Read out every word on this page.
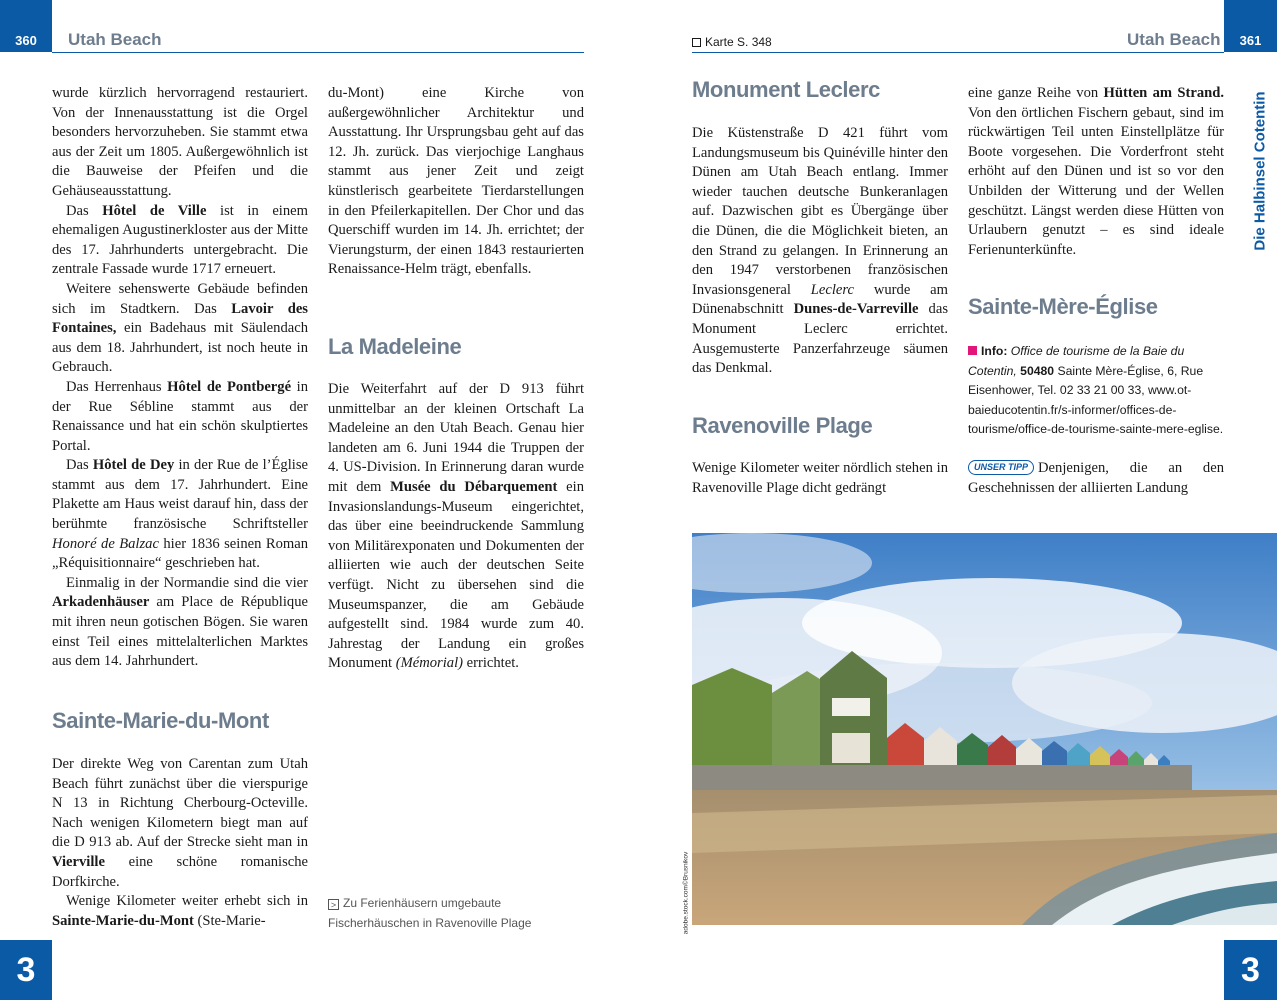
360	Utah Beach

wurde kürzlich hervorragend restauriert. Von der Innenausstattung ist die Orgel besonders hervorzuheben. Sie stammt etwa aus der Zeit um 1805. Außergewöhnlich ist die Bauweise der Pfeifen und die Gehäuseausstattung.

Das Hôtel de Ville ist in einem ehemaligen Augustinerkloster aus der Mitte des 17. Jahrhunderts untergebracht. Die zentrale Fassade wurde 1717 erneuert.

Weitere sehenswerte Gebäude befinden sich im Stadtkern. Das Lavoir des Fontaines, ein Badehaus mit Säulendach aus dem 18. Jahrhundert, ist noch heute in Gebrauch.

Das Herrenhaus Hôtel de Pontbergé in der Rue Sébline stammt aus der Renaissance und hat ein schön skulptiertes Portal.

Das Hôtel de Dey in der Rue de l’Église stammt aus dem 17. Jahrhundert. Eine Plakette am Haus weist darauf hin, dass der berühmte französische Schriftsteller Honoré de Balzac hier 1836 seinen Roman „Réquisitionnaire“ geschrieben hat.

Einmalig in der Normandie sind die vier Arkadenhäuser am Place de République mit ihren neun gotischen Bögen. Sie waren einst Teil eines mittelalterlichen Marktes aus dem 14. Jahrhundert.

Sainte-Marie-du-Mont

Der direkte Weg von Carentan zum Utah Beach führt zunächst über die vierspurige N 13 in Richtung Cherbourg-Octeville. Nach wenigen Kilometern biegt man auf die D 913 ab. Auf der Strecke sieht man in Vierville eine schöne romanische Dorfkirche.

Wenige Kilometer weiter erhebt sich in Sainte-Marie-du-Mont (Ste-Marie-

du-Mont) eine Kirche von außergewöhnlicher Architektur und Ausstattung. Ihr Ursprungsbau geht auf das 12. Jh. zurück. Das vierjochige Langhaus stammt aus jener Zeit und zeigt künstlerisch gearbeitete Tierdarstellungen in den Pfeilerkapitellen. Der Chor und das Querschiff wurden im 14. Jh. errichtet; der Vierungsturm, der einen 1843 restaurierten Renaissance-Helm trägt, ebenfalls.

La Madeleine

Die Weiterfahrt auf der D 913 führt unmittelbar an der kleinen Ortschaft La Madeleine an den Utah Beach. Genau hier landeten am 6. Juni 1944 die Truppen der 4. US-Division. In Erinnerung daran wurde mit dem Musée du Débarquement ein Invasionslandungs-Museum eingerichtet, das über eine beeindruckende Sammlung von Militärexponaten und Dokumenten der alliierten wie auch der deutschen Seite verfügt. Nicht zu übersehen sind die Museumspanzer, die am Gebäude aufgestellt sind. 1984 wurde zum 40. Jahrestag der Landung ein großes Monument (Mémorial) errichtet.

> Zu Ferienhäusern umgebaute Fischerhäuschen in Ravenoville Plage
3
Karte S. 348	Utah Beach	361
Die Halbinsel Cotentin
Monument Leclerc

Die Küstenstraße D 421 führt vom Landungsmuseum bis Quinéville hinter den Dünen am Utah Beach entlang. Immer wieder tauchen deutsche Bunkeranlagen auf. Dazwischen gibt es Übergänge über die Dünen, die die Möglichkeit bieten, an den Strand zu gelangen. In Erinnerung an den 1947 verstorbenen französischen Invasionsgeneral Leclerc wurde am Dünenabschnitt Dunes-de-Varreville das Monument Leclerc errichtet. Ausgemusterte Panzerfahrzeuge säumen das Denkmal.

Ravenoville Plage

Wenige Kilometer weiter nördlich stehen in Ravenoville Plage dicht gedrängt

eine ganze Reihe von Hütten am Strand. Von den örtlichen Fischern gebaut, sind im rückwärtigen Teil unten Einstellplätze für Boote vorgesehen. Die Vorderfront steht erhöht auf den Dünen und ist so vor den Unbilden der Witterung und der Wellen geschützt. Längst werden diese Hütten von Urlaubern genutzt – es sind ideale Ferienunterkünfte.

Sainte-Mère-Église
Info: Office de tourisme de la Baie du Cotentin, 50480 Sainte Mère-Église, 6, Rue Eisenhower, Tel. 02 33 21 00 33, www.ot-baieducotentin.fr/s-informer/offices-de-tourisme/office-de-tourisme-sainte-mere-eglise.

UNSER TIPP Denjenigen, die an den Geschehnissen der alliierten Landung

adobe.stock.com©Brusnikov
3
